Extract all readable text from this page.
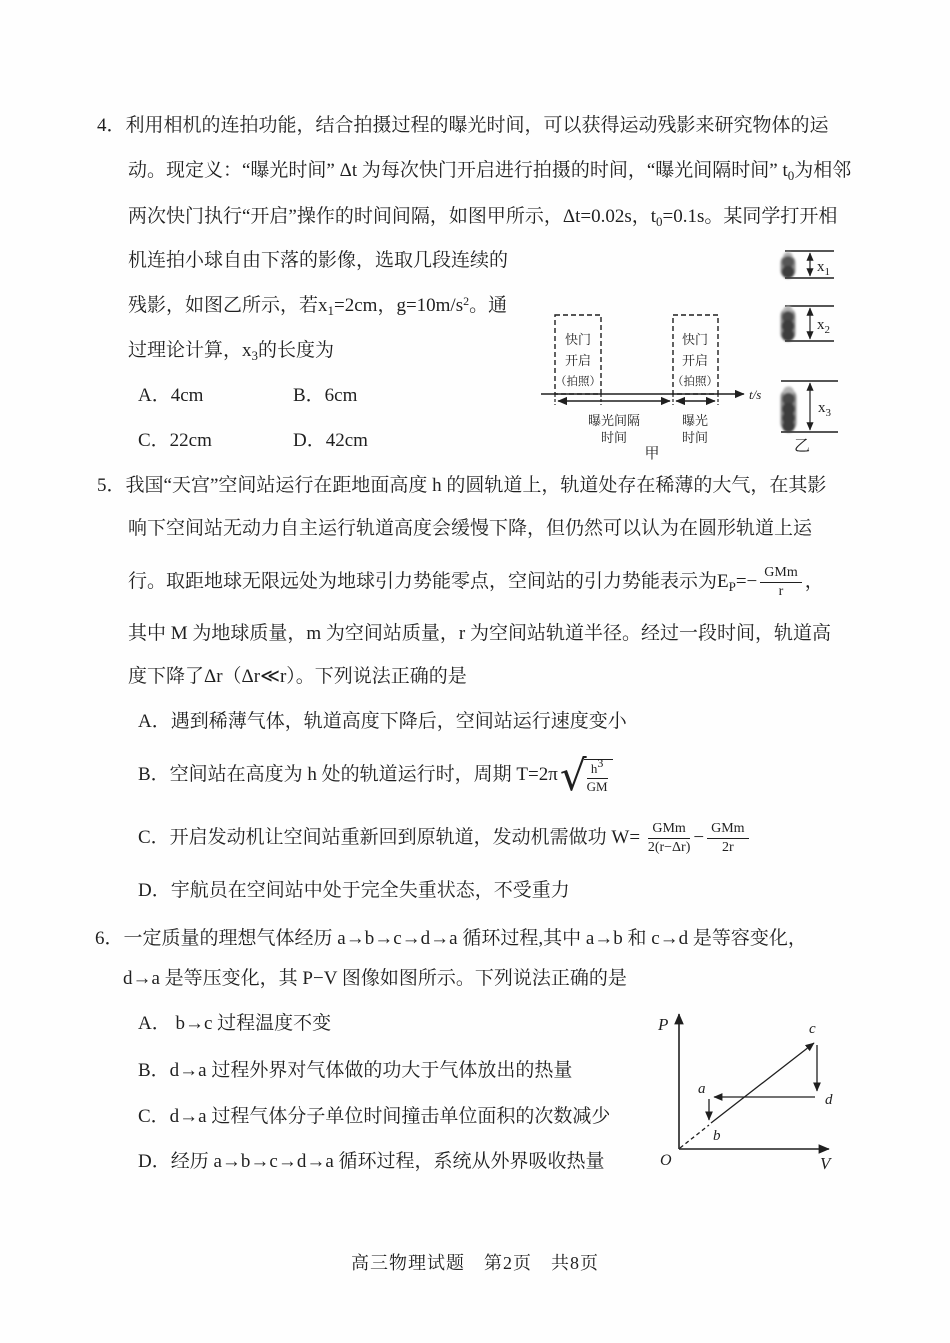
4．利用相机的连拍功能，结合拍摄过程的曝光时间，可以获得运动残影来研究物体的运
动。现定义：“曝光时间” Δt 为每次快门开启进行拍摄的时间，“曝光间隔时间” $t_0$为相邻
两次快门执行“开启”操作的时间间隔，如图甲所示，Δt=0.02s，$t_0=0.1s$。某同学打开相
机连拍小球自由下落的影像，选取几段连续的
残影，如图乙所示，若$x_1=2cm$，$g=10m/s^2$。通
过理论计算，$x_3$的长度为
A．4cm	B．6cm
C．22cm	D．42cm
快门
开启
（拍照）
快门
开启
（拍照）
t/s
曝光间隔
时间
曝光
时间
甲
$x_1$
$x_2$
$x_3$
乙
5．我国“天宫”空间站运行在距地面高度 h 的圆轨道上，轨道处存在稀薄的大气，在其影
响下空间站无动力自主运行轨道高度会缓慢下降，但仍然可以认为在圆形轨道上运
行。取距地球无限远处为地球引力势能零点，空间站的引力势能表示为$E_P=- \frac{\text{GMm}}{r}$ ，
其中 M 为地球质量，m 为空间站质量，r 为空间站轨道半径。经过一段时间，轨道高
度下降了Δr（Δr≪r）。下列说法正确的是
A．遇到稀薄气体，轨道高度下降后，空间站运行速度变小
B．空间站在高度为 h 处的轨道运行时，周期 T=2π √ $\frac{h^3}{GM}$
C．开启发动机让空间站重新回到原轨道，发动机需做功 $W= \frac{\text{GMm}}{2(r-\Delta r)} - \frac{\text{GMm}}{2r}$
D．宇航员在空间站中处于完全失重状态，不受重力
6．一定质量的理想气体经历 a→b→c→d→a 循环过程,其中 a→b 和 c→d 是等容变化，
d→a 是等压变化，其 P−V 图像如图所示。下列说法正确的是
A． b→c 过程温度不变
B．d→a 过程外界对气体做的功大于气体放出的热量
C．d→a 过程气体分子单位时间撞击单位面积的次数减少
D．经历 a→b→c→d→a 循环过程，系统从外界吸收热量
P
V
O
a
b
c
d
高三物理试题　第2页　共8页
